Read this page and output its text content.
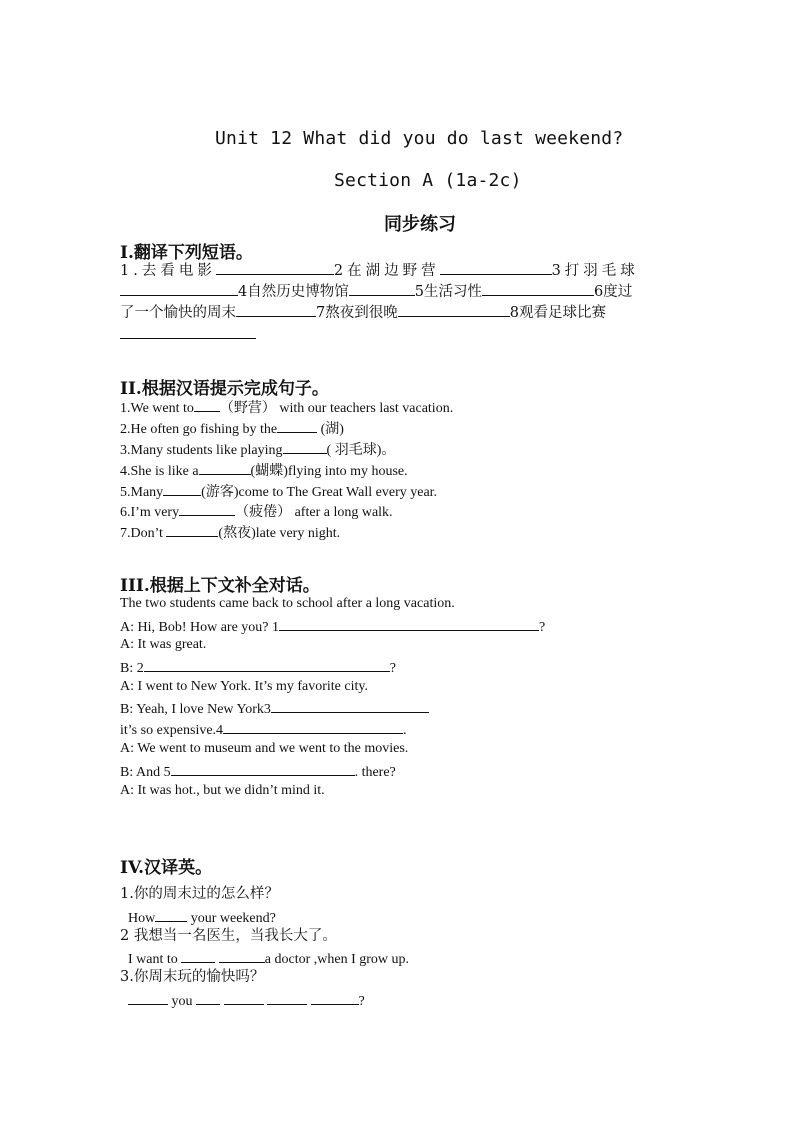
Unit 12 What did you do last weekend?
Section A (1a-2c)
同步练习
I.翻译下列短语。
1.去看电影	2在湖边野营	3打羽毛球
4自然历史博物馆	5生活习性	6度过
了一个愉快的周末	7熬夜到很晚	8观看足球比赛
II.根据汉语提示完成句子。
1.We went to （野营） with our teachers last vacation.
2.He often go fishing by the	(湖)
3.Many students like playing	( 羽毛球)。
4.She is like a	(蝴蝶)flying into my house.
5.Many	(游客)come to The Great Wall every year.
6.I’m very	（疲倦） after a long walk.
7.Don’t	(熬夜)late very night.
III.根据上下文补全对话。
The two students came back to school after a long vacation.
A: Hi, Bob! How are you? 1	?
A: It was great.
B: 2	?
A: I went to New York. It’s my favorite city.
B: Yeah, I love New York3
it’s so expensive.4	.
A: We went to museum and we went to the movies.
B: And 5	. there?
A: It was hot., but we didn’t mind it.
IV.汉译英。
1.你的周末过的怎么样？
How	your weekend?
2 我想当一名医生，当我长大了。
I want to	a doctor ,when I grow up.
3.你周末玩的愉快吗？
you	?
